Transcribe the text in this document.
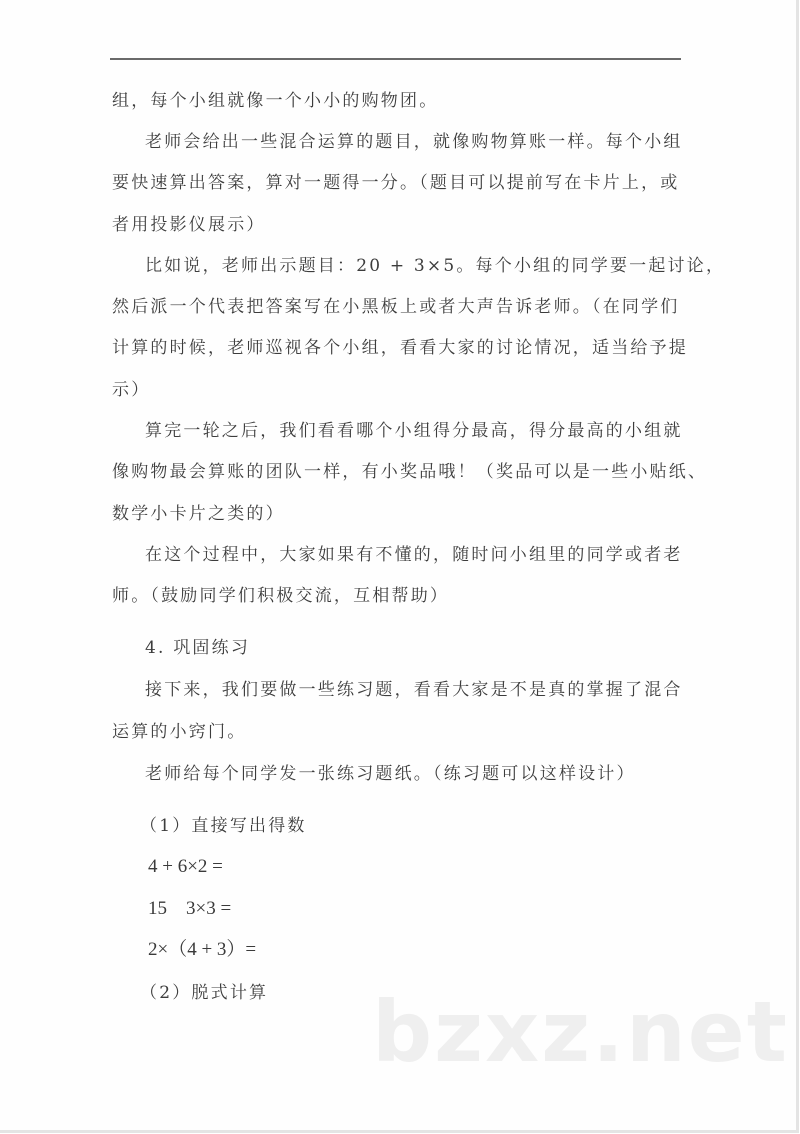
组，每个小组就像一个小小的购物团。
老师会给出一些混合运算的题目，就像购物算账一样。每个小组
要快速算出答案，算对一题得一分。（题目可以提前写在卡片上，或
者用投影仪展示）
比如说，老师出示题目：20 + 3×5。每个小组的同学要一起讨论，
然后派一个代表把答案写在小黑板上或者大声告诉老师。（在同学们
计算的时候，老师巡视各个小组，看看大家的讨论情况，适当给予提
示）
算完一轮之后，我们看看哪个小组得分最高，得分最高的小组就
像购物最会算账的团队一样，有小奖品哦！（奖品可以是一些小贴纸、
数学小卡片之类的）
在这个过程中，大家如果有不懂的，随时问小组里的同学或者老
师。（鼓励同学们积极交流，互相帮助）
4. 巩固练习
接下来，我们要做一些练习题，看看大家是不是真的掌握了混合
运算的小窍门。
老师给每个同学发一张练习题纸。（练习题可以这样设计）
（1）直接写出得数
4 + 6×2 =
15    3×3 =
2×（4 + 3）=
（2）脱式计算 bzxz.net
